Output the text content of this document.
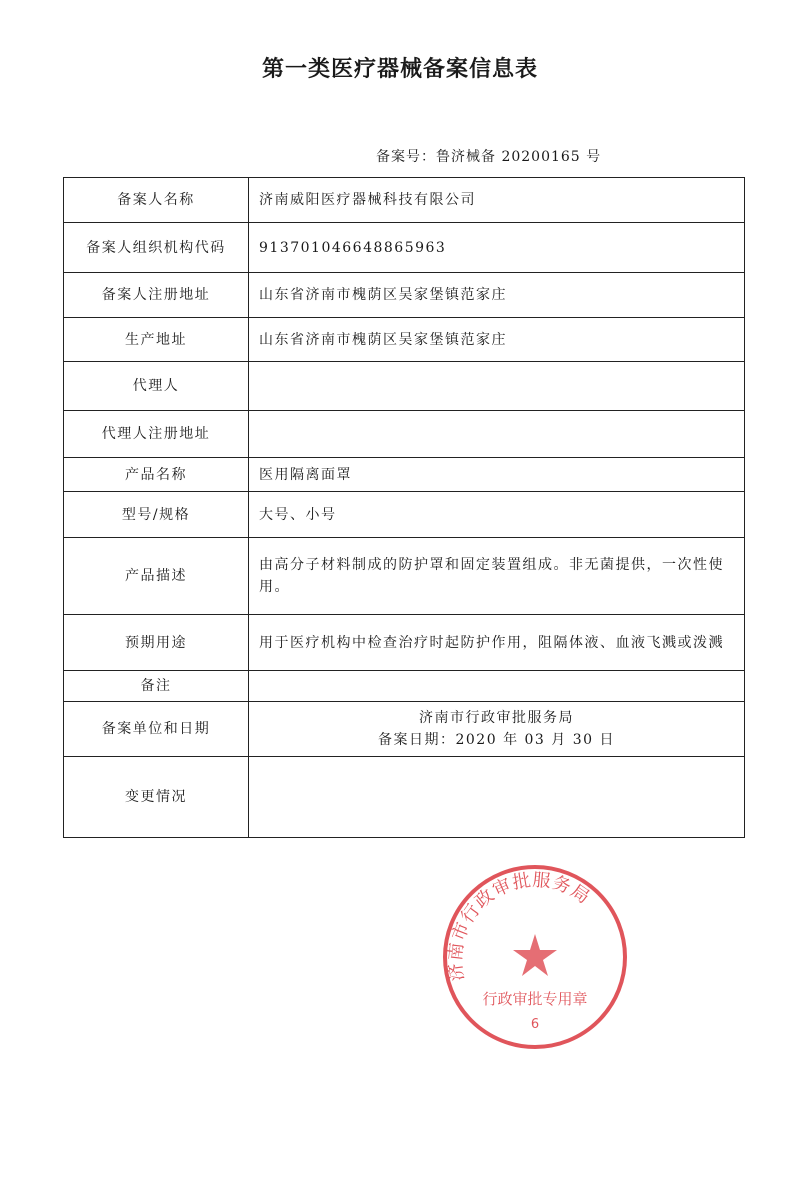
第一类医疗器械备案信息表
备案号：鲁济械备 20200165 号
备案人名称	济南威阳医疗器械科技有限公司
备案人组织机构代码	913701046648865963
备案人注册地址	山东省济南市槐荫区吴家堡镇范家庄
生产地址	山东省济南市槐荫区吴家堡镇范家庄
代理人	
代理人注册地址	
产品名称	医用隔离面罩
型号/规格	大号、小号
产品描述	由高分子材料制成的防护罩和固定装置组成。非无菌提供，一次性使用。
预期用途	用于医疗机构中检查治疗时起防护作用，阻隔体液、血液飞溅或泼溅
备注	
备案单位和日期	济南市行政审批服务局
备案日期：2020 年 03 月 30 日

变更情况	
济南市行政审批服务局
行政审批专用章
6
